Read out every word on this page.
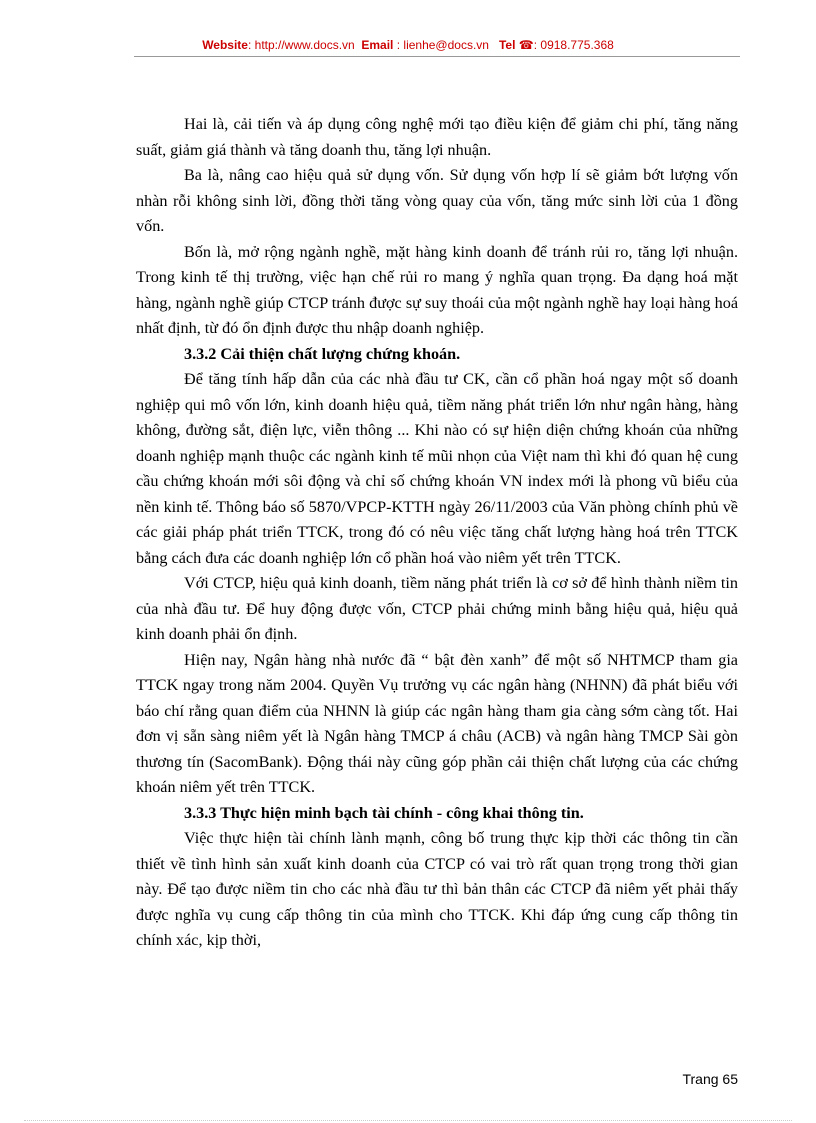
Website: http://www.docs.vn Email : lienhe@docs.vn Tel ☎: 0918.775.368

Hai là, cải tiến và áp dụng công nghệ mới tạo điều kiện để giảm chi phí, tăng năng suất, giảm giá thành và tăng doanh thu, tăng lợi nhuận.

Ba là, nâng cao hiệu quả sử dụng vốn. Sử dụng vốn hợp lí sẽ giảm bớt lượng vốn nhàn rỗi không sinh lời, đồng thời tăng vòng quay của vốn, tăng mức sinh lời của 1 đồng vốn.

Bốn là, mở rộng ngành nghề, mặt hàng kinh doanh để tránh rủi ro, tăng lợi nhuận. Trong kinh tế thị trường, việc hạn chế rủi ro mang ý nghĩa quan trọng. Đa dạng hoá mặt hàng, ngành nghề giúp CTCP tránh được sự suy thoái của một ngành nghề hay loại hàng hoá nhất định, từ đó ổn định được thu nhập doanh nghiệp.

3.3.2 Cải thiện chất lượng chứng khoán.

Để tăng tính hấp dẫn của các nhà đầu tư CK, cần cổ phần hoá ngay một số doanh nghiệp qui mô vốn lớn, kinh doanh hiệu quả, tiềm năng phát triển lớn như ngân hàng, hàng không, đường sắt, điện lực, viễn thông ... Khi nào có sự hiện diện chứng khoán của những doanh nghiệp mạnh thuộc các ngành kinh tế mũi nhọn của Việt nam thì khi đó quan hệ cung cầu chứng khoán mới sôi động và chỉ số chứng khoán VN index mới là phong vũ biểu của nền kinh tế. Thông báo số 5870/VPCP-KTTH ngày 26/11/2003 của Văn phòng chính phủ về các giải pháp phát triển TTCK, trong đó có nêu việc tăng chất lượng hàng hoá trên TTCK bằng cách đưa các doanh nghiệp lớn cổ phần hoá vào niêm yết trên TTCK.

Với CTCP, hiệu quả kinh doanh, tiềm năng phát triển là cơ sở để hình thành niềm tin của nhà đầu tư. Để huy động được vốn, CTCP phải chứng minh bằng hiệu quả, hiệu quả kinh doanh phải ổn định.

Hiện nay, Ngân hàng nhà nước đã “ bật đèn xanh” để một số NHTMCP tham gia TTCK ngay trong năm 2004. Quyền Vụ trưởng vụ các ngân hàng (NHNN) đã phát biểu với báo chí rằng quan điểm của NHNN là giúp các ngân hàng tham gia càng sớm càng tốt. Hai đơn vị sẵn sàng niêm yết là Ngân hàng TMCP á châu (ACB) và ngân hàng TMCP Sài gòn thương tín (SacomBank). Động thái này cũng góp phần cải thiện chất lượng của các chứng khoán niêm yết trên TTCK.

3.3.3 Thực hiện minh bạch tài chính - công khai thông tin.

Việc thực hiện tài chính lành mạnh, công bố trung thực kịp thời các thông tin cần thiết về tình hình sản xuất kinh doanh của CTCP có vai trò rất quan trọng trong thời gian này. Để tạo được niềm tin cho các nhà đầu tư thì bản thân các CTCP đã niêm yết phải thấy được nghĩa vụ cung cấp thông tin của mình cho TTCK. Khi đáp ứng cung cấp thông tin chính xác, kịp thời,

Trang 65
